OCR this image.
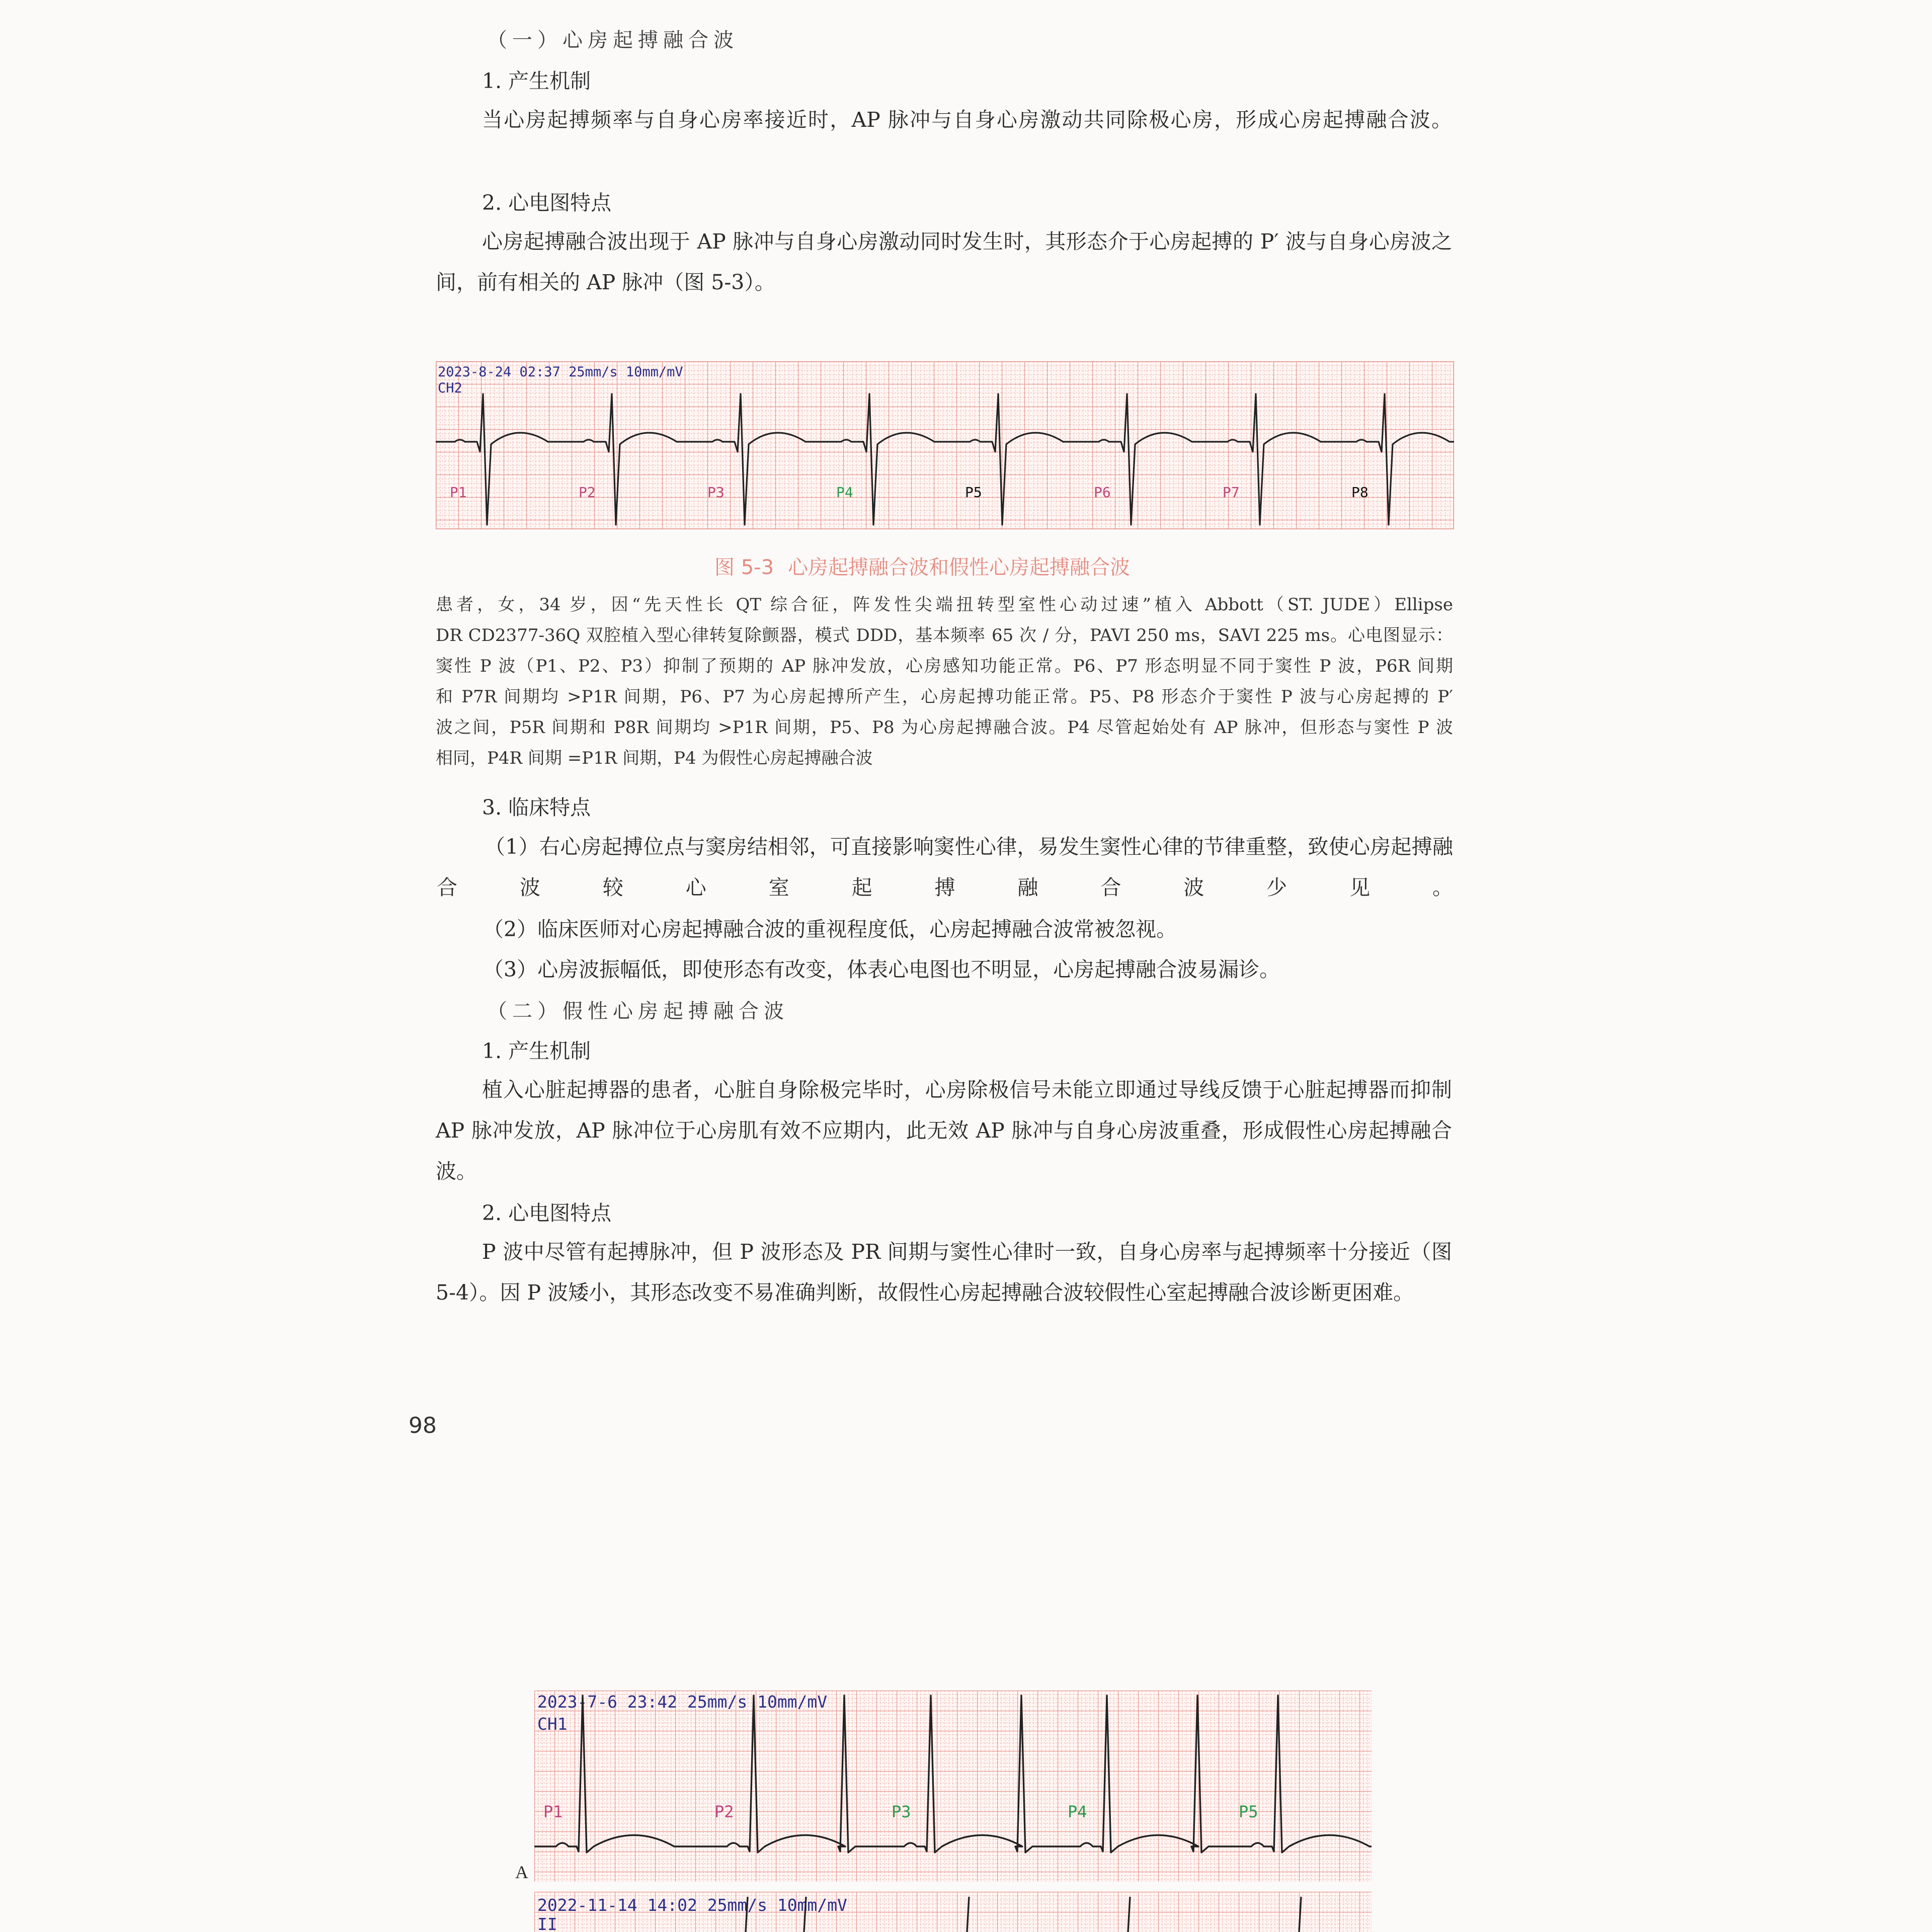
（一）心房起搏融合波
1. 产生机制

当心房起搏频率与自身心房率接近时，AP 脉冲与自身心房激动共同除极心房，形成心房起搏融合波。

2. 心电图特点

心房起搏融合波出现于 AP 脉冲与自身心房激动同时发生时，其形态介于心房起搏的 P′ 波与自身心房波之间，前有相关的 AP 脉冲（图 5-3）。

2023-8-24 02:37 25mm/s 10mm/mV
CH2
P1	P2	P3	P4	P5	P6	P7	P8
图 5-3 心房起搏融合波和假性心房起搏融合波

患者，女，34 岁，因“先天性长 QT 综合征，阵发性尖端扭转型室性心动过速”植入 Abbott（ST. JUDE）Ellipse

DR CD2377-36Q 双腔植入型心律转复除颤器，模式 DDD，基本频率 65 次 / 分，PAVI 250 ms，SAVI 225 ms。心电图显示：

窦性 P 波（P1、P2、P3）抑制了预期的 AP 脉冲发放，心房感知功能正常。P6、P7 形态明显不同于窦性 P 波，P6R 间期

和 P7R 间期均 >P1R 间期，P6、P7 为心房起搏所产生，心房起搏功能正常。P5、P8 形态介于窦性 P 波与心房起搏的 P′

波之间，P5R 间期和 P8R 间期均 >P1R 间期，P5、P8 为心房起搏融合波。P4 尽管起始处有 AP 脉冲，但形态与窦性 P 波

相同，P4R 间期 =P1R 间期，P4 为假性心房起搏融合波

3. 临床特点

（1）右心房起搏位点与窦房结相邻，可直接影响窦性心律，易发生窦性心律的节律重整，致使心房起搏融合波较心室起搏融合波少见。

（2）临床医师对心房起搏融合波的重视程度低，心房起搏融合波常被忽视。

（3）心房波振幅低，即使形态有改变，体表心电图也不明显，心房起搏融合波易漏诊。

（二）假性心房起搏融合波
1. 产生机制

植入心脏起搏器的患者，心脏自身除极完毕时，心房除极信号未能立即通过导线反馈于心脏起搏器而抑制 AP 脉冲发放，AP 脉冲位于心房肌有效不应期内，此无效 AP 脉冲与自身心房波重叠，形成假性心房起搏融合波。

2. 心电图特点

P 波中尽管有起搏脉冲，但 P 波形态及 PR 间期与窦性心律时一致，自身心房率与起搏频率十分接近（图 5-4）。因 P 波矮小，其形态改变不易准确判断，故假性心房起搏融合波较假性心室起搏融合波诊断更困难。

98
2023-7-6 23:42 25mm/s 10mm/mV
CH1
P1	P2	P3	P4	P5
2022-11-14 14:02 25mm/s 10mm/mV
II
A
